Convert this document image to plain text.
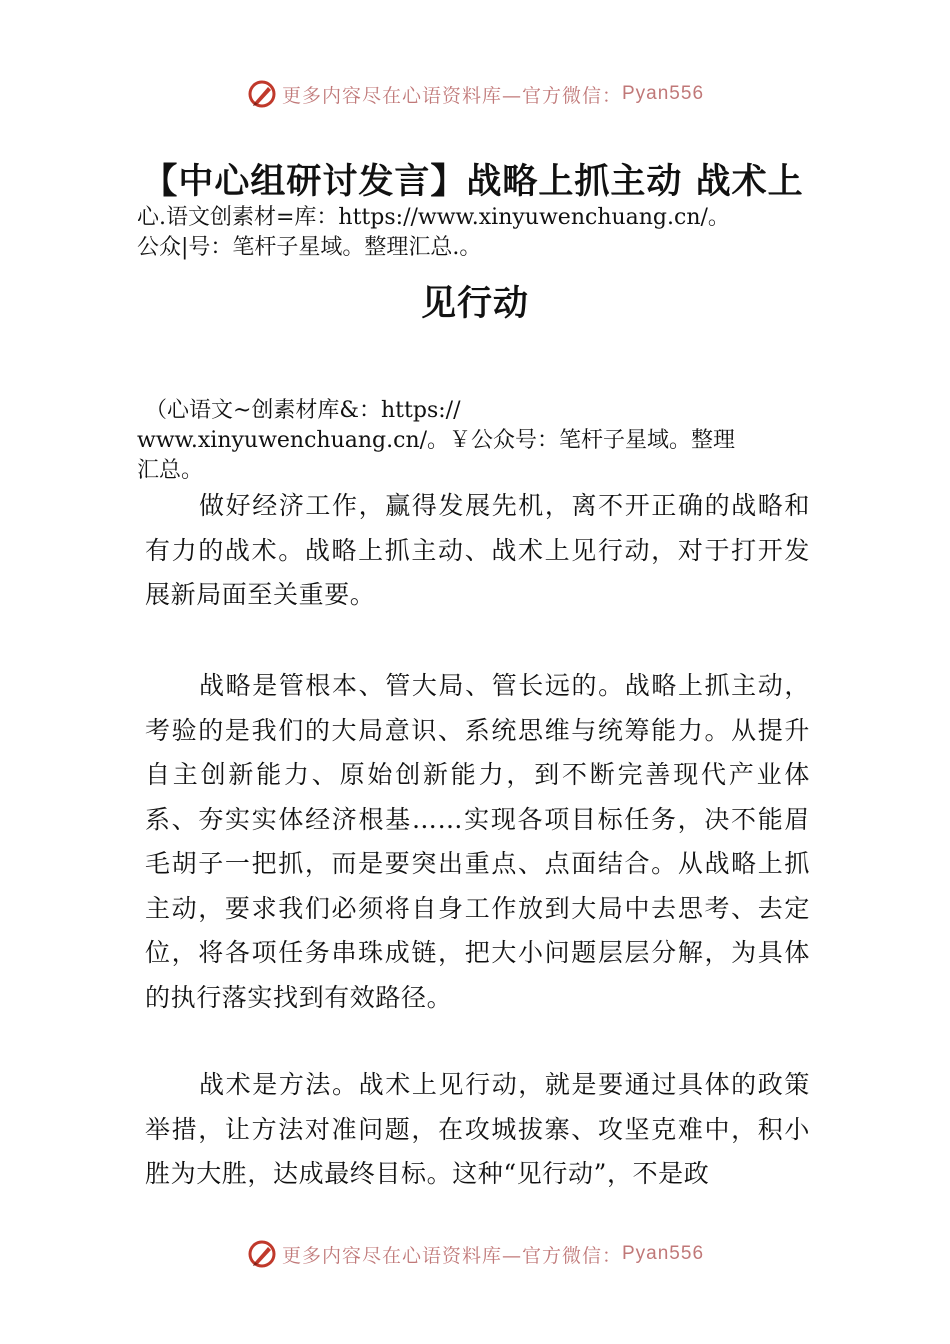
更多内容尽在心语资料库—官方微信： Pyan556
【中心组研讨发言】战略上抓主动 战术上
心.语文创素材=库：https://www.xinyuwenchuang.cn/。
公众|号：笔杆子星域。整理汇总.。
见行动
（心语文~创素材库&：https://
www.xinyuwenchuang.cn/。￥公众号：笔杆子星域。整理
汇总。

做好经济工作，赢得发展先机，离不开正确的战略和有力的战术。战略上抓主动、战术上见行动，对于打开发展新局面至关重要。

战略是管根本、管大局、管长远的。战略上抓主动，考验的是我们的大局意识、系统思维与统筹能力。从提升自主创新能力、原始创新能力，到不断完善现代产业体系、夯实实体经济根基……实现各项目标任务，决不能眉毛胡子一把抓，而是要突出重点、点面结合。从战略上抓主动，要求我们必须将自身工作放到大局中去思考、去定位，将各项任务串珠成链，把大小问题层层分解，为具体的执行落实找到有效路径。

战术是方法。战术上见行动，就是要通过具体的政策举措，让方法对准问题，在攻城拔寨、攻坚克难中，积小胜为大胜，达成最终目标。这种“见行动”，不是政

更多内容尽在心语资料库—官方微信： Pyan556
